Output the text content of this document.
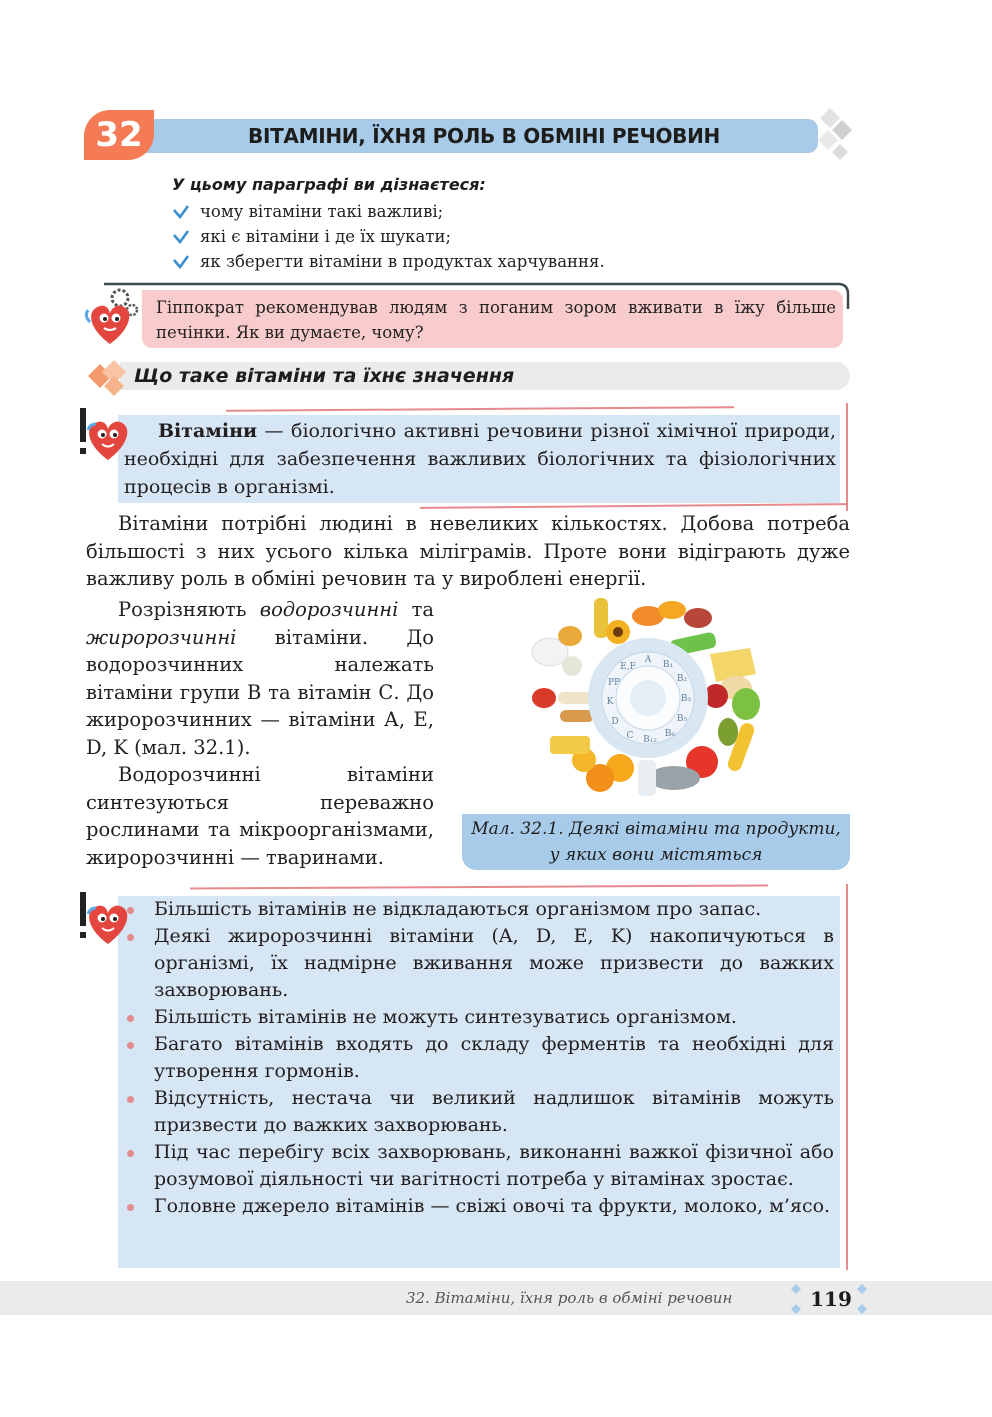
32	ВІТАМІНИ, ЇХНЯ РОЛЬ В ОБМІНІ РЕЧОВИН
У цьому параграфі ви дізнаєтеся:
чому вітаміни такі важливі;
які є вітаміни і де їх шукати;
як зберегти вітаміни в продуктах харчування.
Гіппократ рекомендував людям з поганим зором вживати в їжу більше печінки. Як ви думаєте, чому?
Що таке вітаміни та їхнє значення
Вітаміни — біологічно активні речовини різної хімічної природи, необхідні для забезпечення важливих біологічних та фізіологічних процесів в організмі.
Вітаміни потрібні людині в невеликих кількостях. Добова потреба більшості з них усього кілька міліграмів. Проте вони відіграють дуже важливу роль в обміні речовин та у вироблені енергії.

Розрізняють водорозчинні та жиророзчинні вітаміни. До водорозчинних належать вітаміни групи В та вітамін С. До жиророзчинних — вітаміни А, Е, D, K (мал. 32.1).

Водорозчинні вітаміни синтезуються переважно рослинами та мікроорганізмами, жиророзчинні — тваринами.

A B₁
B₂
B₃
B₅
B₆
B₁₂
C
D
K
PP
E,F
Мал. 32.1. Деякі вітаміни та продукти, у яких вони містяться
Більшість вітамінів не відкладаються організмом про запас.
Деякі жиророзчинні вітаміни (A, D, E, K) накопичуються в організмі, їх надмірне вживання може призвести до важких захворювань.
Більшість вітамінів не можуть синтезуватись організмом.
Багато вітамінів входять до складу ферментів та необхідні для утворення гормонів.
Відсутність, нестача чи великий надлишок вітамінів можуть призвести до важких захворювань.
Під час перебігу всіх захворювань, виконанні важкої фізичної або розумової діяльності чи вагітності потреба у вітамінах зростає.
Головне джерело вітамінів — свіжі овочі та фрукти, молоко, м’ясо.
32. Вітаміни, їхня роль в обміні речовин	119
